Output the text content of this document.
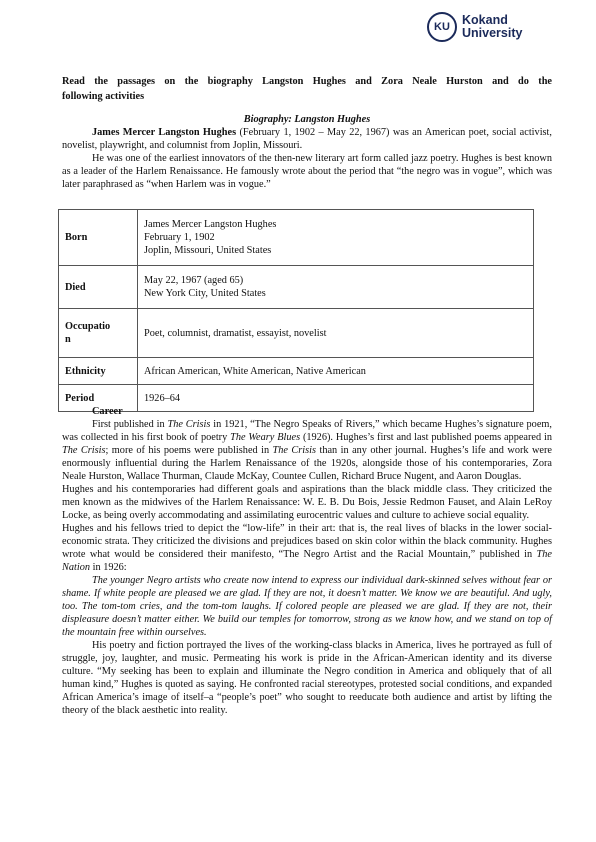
KU Kokand
University
Read the passages on the biography Langston Hughes and Zora Neale Hurston and do the
following activities
Biography: Langston Hughes

James Mercer Langston Hughes (February 1, 1902 – May 22, 1967) was an American poet, social activist, novelist, playwright, and columnist from Joplin, Missouri.

He was one of the earliest innovators of the then-new literary art form called jazz poetry. Hughes is best known as a leader of the Harlem Renaissance. He famously wrote about the period that “the negro was in vogue”, which was later paraphrased as “when Harlem was in vogue.”

Born	James Mercer Langston Hughes
February 1, 1902
Joplin, Missouri, United States

Died	May 22, 1967 (aged 65)
New York City, United States

Occupatio
n	Poet, columnist, dramatist, essayist, novelist
Ethnicity	African American, White American, Native American
Period	1926–64
Career

First published in The Crisis in 1921, “The Negro Speaks of Rivers,” which became Hughes’s signature poem, was collected in his first book of poetry The Weary Blues (1926). Hughes’s first and last published poems appeared in The Crisis; more of his poems were published in The Crisis than in any other journal. Hughes’s life and work were enormously influential during the Harlem Renaissance of the 1920s, alongside those of his contemporaries, Zora Neale Hurston, Wallace Thurman, Claude McKay, Countee Cullen, Richard Bruce Nugent, and Aaron Douglas.

Hughes and his contemporaries had different goals and aspirations than the black middle class. They criticized the men known as the midwives of the Harlem Renaissance: W. E. B. Du Bois, Jessie Redmon Fauset, and Alain LeRoy Locke, as being overly accommodating and assimilating eurocentric values and culture to achieve social equality.

Hughes and his fellows tried to depict the “low-life” in their art: that is, the real lives of blacks in the lower social-economic strata. They criticized the divisions and prejudices based on skin color within the black community. Hughes wrote what would be considered their manifesto, “The Negro Artist and the Racial Mountain,” published in The Nation in 1926:

The younger Negro artists who create now intend to express our individual dark-skinned selves without fear or shame. If white people are pleased we are glad. If they are not, it doesn’t matter. We know we are beautiful. And ugly, too. The tom-tom cries, and the tom-tom laughs. If colored people are pleased we are glad. If they are not, their displeasure doesn’t matter either. We build our temples for tomorrow, strong as we know how, and we stand on top of the mountain free within ourselves.

His poetry and fiction portrayed the lives of the working-class blacks in America, lives he portrayed as full of struggle, joy, laughter, and music. Permeating his work is pride in the African-American identity and its diverse culture. “My seeking has been to explain and illuminate the Negro condition in America and obliquely that of all human kind,” Hughes is quoted as saying. He confronted racial stereotypes, protested social conditions, and expanded African America’s image of itself–a “people’s poet” who sought to reeducate both audience and artist by lifting the theory of the black aesthetic into reality.
